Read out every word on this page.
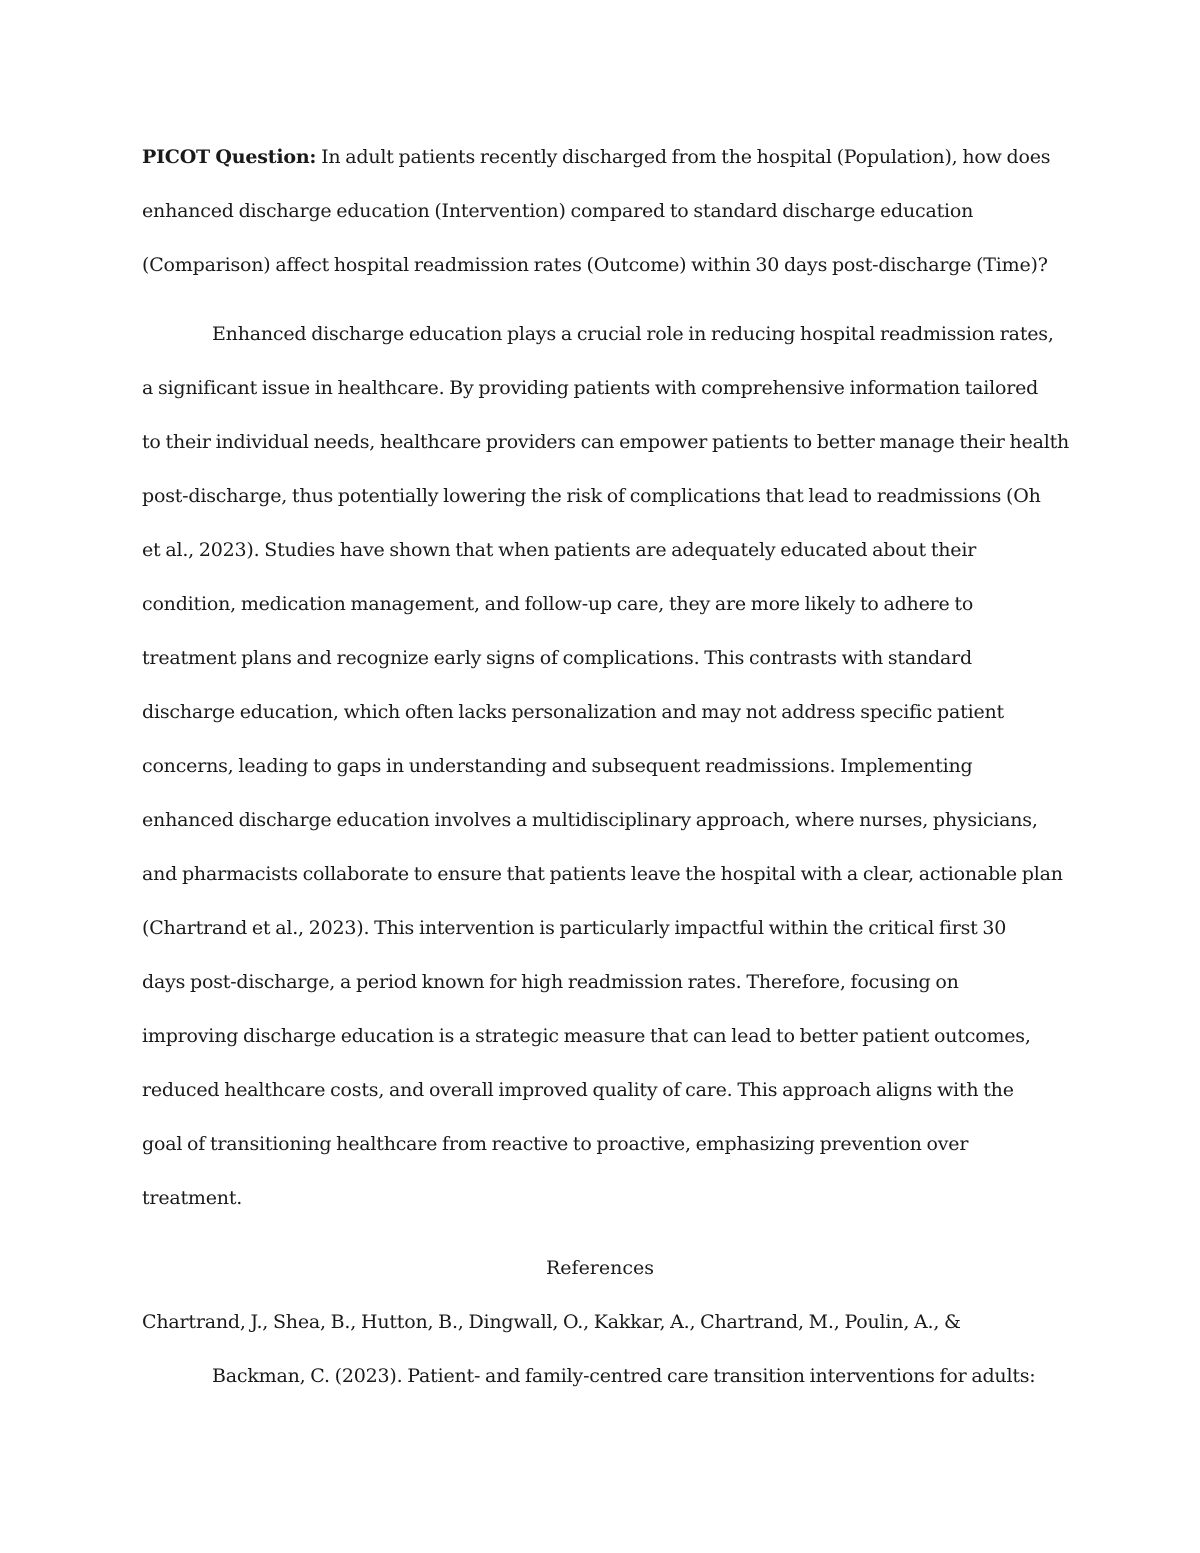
PICOT Question: In adult patients recently discharged from the hospital (Population), how does
enhanced discharge education (Intervention) compared to standard discharge education
(Comparison) affect hospital readmission rates (Outcome) within 30 days post-discharge (Time)?
Enhanced discharge education plays a crucial role in reducing hospital readmission rates,
a significant issue in healthcare. By providing patients with comprehensive information tailored
to their individual needs, healthcare providers can empower patients to better manage their health
post-discharge, thus potentially lowering the risk of complications that lead to readmissions (Oh
et al., 2023). Studies have shown that when patients are adequately educated about their
condition, medication management, and follow-up care, they are more likely to adhere to
treatment plans and recognize early signs of complications. This contrasts with standard
discharge education, which often lacks personalization and may not address specific patient
concerns, leading to gaps in understanding and subsequent readmissions. Implementing
enhanced discharge education involves a multidisciplinary approach, where nurses, physicians,
and pharmacists collaborate to ensure that patients leave the hospital with a clear, actionable plan
(Chartrand et al., 2023). This intervention is particularly impactful within the critical first 30
days post-discharge, a period known for high readmission rates. Therefore, focusing on
improving discharge education is a strategic measure that can lead to better patient outcomes,
reduced healthcare costs, and overall improved quality of care. This approach aligns with the
goal of transitioning healthcare from reactive to proactive, emphasizing prevention over
treatment.
References
Chartrand, J., Shea, B., Hutton, B., Dingwall, O., Kakkar, A., Chartrand, M., Poulin, A., &
Backman, C. (2023). Patient- and family-centred care transition interventions for adults:
